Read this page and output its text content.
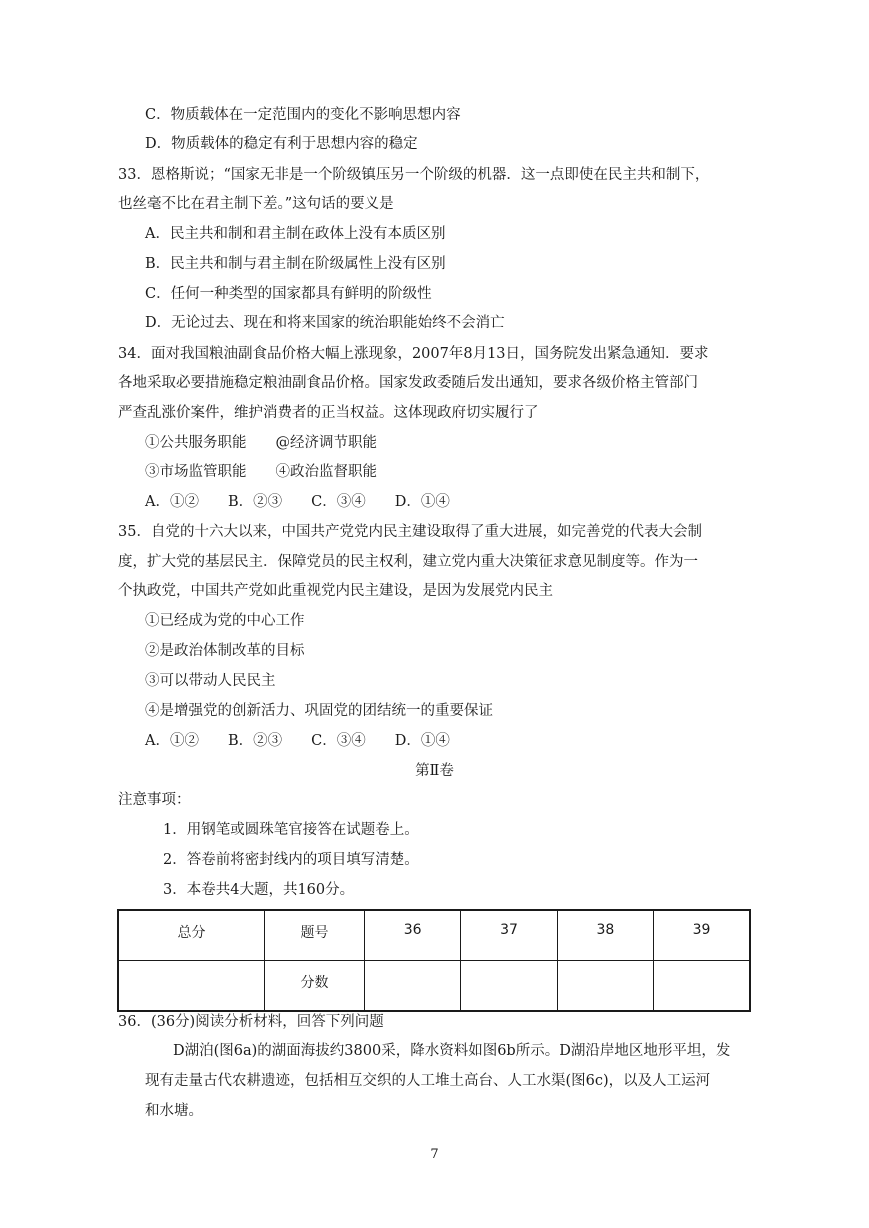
C．物质载体在一定范围内的变化不影响思想内容
D．物质载体的稳定有利于思想内容的稳定
33．恩格斯说；“国家无非是一个阶级镇压另一个阶级的机器．这一点即使在民主共和制下，
也丝毫不比在君主制下差。”这句话的要义是
A．民主共和制和君主制在政体上没有本质区别
B．民主共和制与君主制在阶级属性上没有区别
C．任何一种类型的国家都具有鲜明的阶级性
D．无论过去、现在和将来国家的统治职能始终不会消亡
34．面对我国粮油副食品价格大幅上涨现象，2007年8月13日，国务院发出紧急通知．要求
各地采取必要措施稳定粮油副食品价格。国家发政委随后发出通知，要求各级价格主管部门
严查乱涨价案件，维护消费者的正当权益。这体现政府切实履行了
①公共服务职能　　@经济调节职能
③市场监管职能　　④政治监督职能
A．①②　　B．②③　　C．③④　　D．①④
35．自党的十六大以来，中国共产党党内民主建设取得了重大进展，如完善党的代表大会制
度，扩大党的基层民主．保障党员的民主权利，建立党内重大决策征求意见制度等。作为一
个执政党，中国共产党如此重视党内民主建设，是因为发展党内民主
①已经成为党的中心工作
②是政治体制改革的目标
③可以带动人民民主
④是增强党的创新活力、巩固党的团结统一的重要保证
A．①②　　B．②③　　C．③④　　D．①④
第Ⅱ卷
注意事项：
1．用钢笔或圆珠笔官接答在试题卷上。
2．答卷前将密封线内的项目填写清楚。
3．本卷共4大题，共160分。
总分	题号	36	37	38	39
	分数				
36．(36分)阅读分析材料，回答下列问题
D湖泊(图6a)的湖面海拔约3800采，降水资料如图6b所示。D湖沿岸地区地形平坦，发
现有走量古代农耕遗迹，包括相互交织的人工堆土高台、人工水渠(图6c)，以及人工运河
和水塘。
7
